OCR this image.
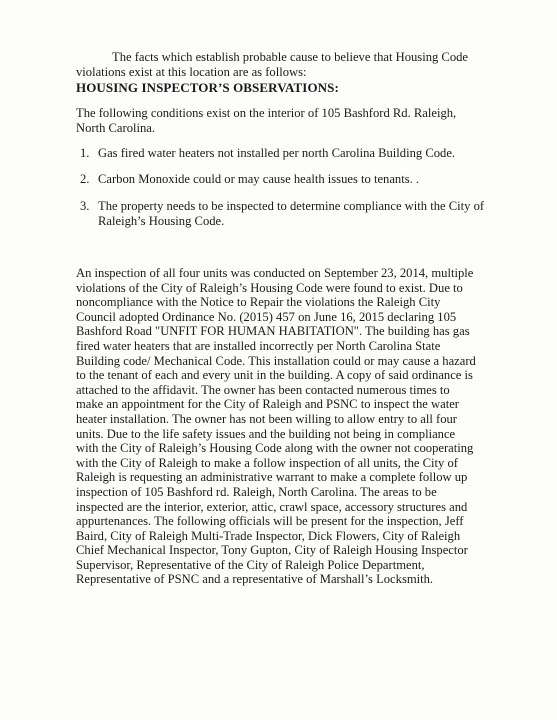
The facts which establish probable cause to believe that Housing Code violations exist at this location are as follows:

HOUSING INSPECTOR’S OBSERVATIONS:

The following conditions exist on the interior of 105 Bashford Rd. Raleigh, North Carolina.

1. Gas fired water heaters not installed per north Carolina Building Code.
2. Carbon Monoxide could or may cause health issues to tenants. .
3. The property needs to be inspected to determine compliance with the City of Raleigh’s Housing Code.

An inspection of all four units was conducted on September 23, 2014, multiple violations of the City of Raleigh’s Housing Code were found to exist. Due to noncompliance with the Notice to Repair the violations the Raleigh City Council adopted Ordinance No. (2015) 457 on June 16, 2015 declaring 105 Bashford Road "UNFIT FOR HUMAN HABITATION". The building has gas fired water heaters that are installed incorrectly per North Carolina State Building code/ Mechanical Code. This installation could or may cause a hazard to the tenant of each and every unit in the building. A copy of said ordinance is attached to the affidavit. The owner has been contacted numerous times to make an appointment for the City of Raleigh and PSNC to inspect the water heater installation. The owner has not been willing to allow entry to all four units. Due to the life safety issues and the building not being in compliance with the City of Raleigh’s Housing Code along with the owner not cooperating with the City of Raleigh to make a follow inspection of all units, the City of Raleigh is requesting an administrative warrant to make a complete follow up inspection of 105 Bashford rd. Raleigh, North Carolina. The areas to be inspected are the interior, exterior, attic, crawl space, accessory structures and appurtenances. The following officials will be present for the inspection, Jeff Baird, City of Raleigh Multi-Trade Inspector, Dick Flowers, City of Raleigh Chief Mechanical Inspector, Tony Gupton, City of Raleigh Housing Inspector Supervisor, Representative of the City of Raleigh Police Department, Representative of PSNC and a representative of Marshall’s Locksmith.
